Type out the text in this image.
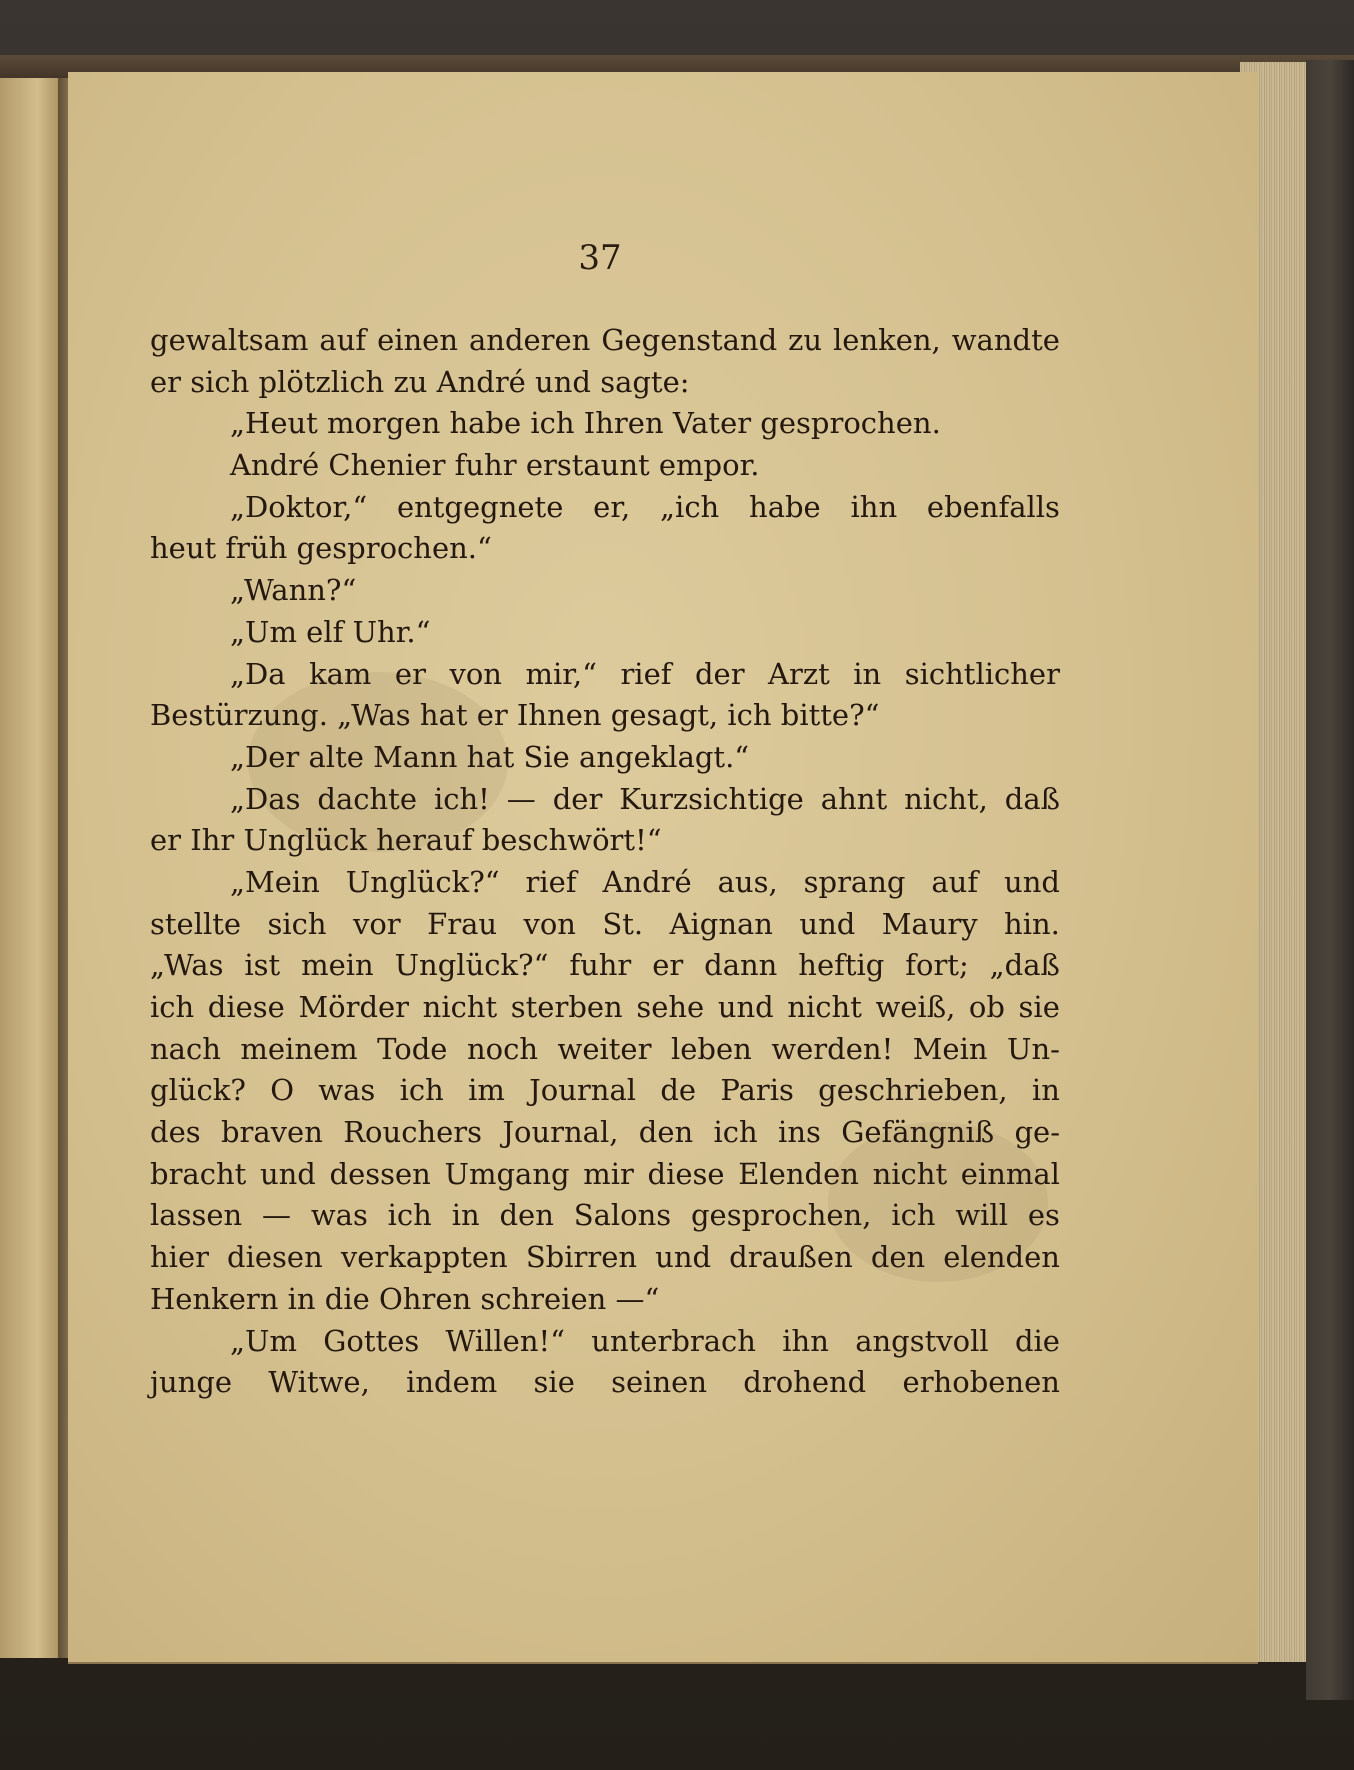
37

gewaltsam auf einen anderen Gegenstand zu lenken, wandte
er sich plötzlich zu André und sagte:
„Heut morgen habe ich Ihren Vater gesprochen.
André Chenier fuhr erstaunt empor.
„Doktor,“ entgegnete er, „ich habe ihn ebenfalls
heut früh gesprochen.“
„Wann?“
„Um elf Uhr.“
„Da kam er von mir,“ rief der Arzt in sichtlicher
Bestürzung. „Was hat er Ihnen gesagt, ich bitte?“
„Der alte Mann hat Sie angeklagt.“
„Das dachte ich! — der Kurzsichtige ahnt nicht, daß
er Ihr Unglück herauf beschwört!“
„Mein Unglück?“ rief André aus, sprang auf und
stellte sich vor Frau von St. Aignan und Maury hin.
„Was ist mein Unglück?“ fuhr er dann heftig fort; „daß
ich diese Mörder nicht sterben sehe und nicht weiß, ob sie
nach meinem Tode noch weiter leben werden! Mein Un-
glück? O was ich im Journal de Paris geschrieben, in
des braven Rouchers Journal, den ich ins Gefängniß ge-
bracht und dessen Umgang mir diese Elenden nicht einmal
lassen — was ich in den Salons gesprochen, ich will es
hier diesen verkappten Sbirren und draußen den elenden
Henkern in die Ohren schreien —“
„Um Gottes Willen!“ unterbrach ihn angstvoll die
junge Witwe, indem sie seinen drohend erhobenen
